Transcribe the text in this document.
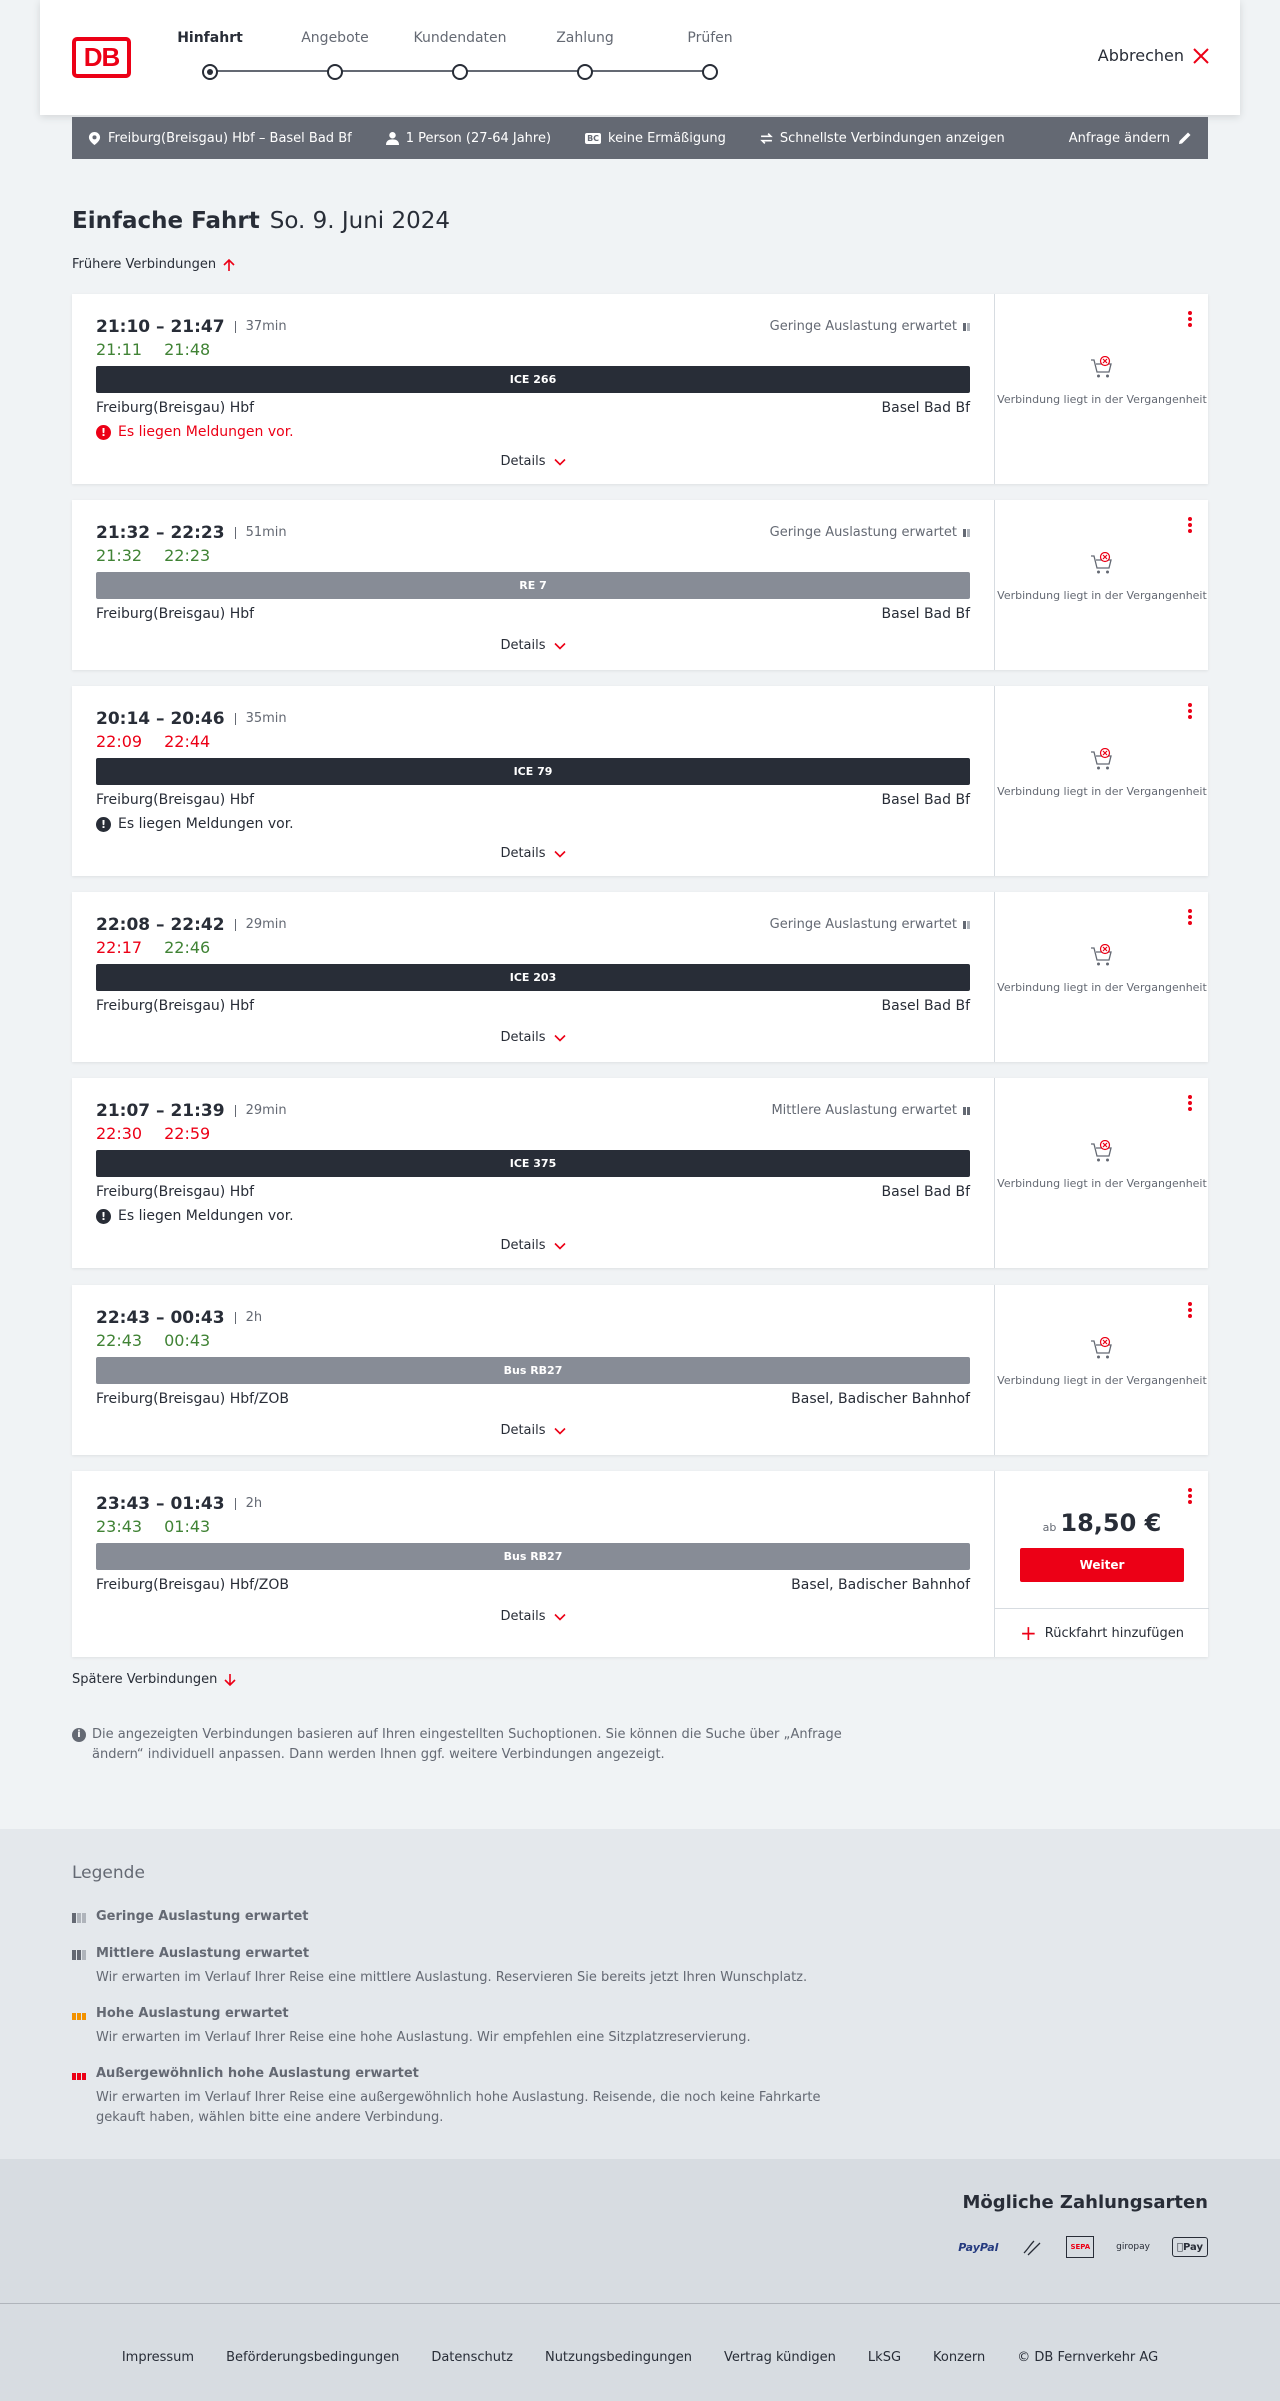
DB
Hinfahrt	Angebote	Kundendaten	Zahlung	Prüfen
Abbrechen
Freiburg(Breisgau) Hbf – Basel Bad Bf	1 Person (27-64 Jahre)	BC keine Ermäßigung	Schnellste Verbindungen anzeigen	Anfrage ändern
Einfache Fahrt So. 9. Juni 2024
Frühere Verbindungen
21:10 – 21:47	37min
21:11 21:48
Geringe Auslastung erwartet
ICE 266
Freiburg(Breisgau) Hbf	Basel Bad Bf
! Es liegen Meldungen vor.
Details
Verbindung liegt in der Vergangenheit
21:32 – 22:23	51min
21:32 22:23
Geringe Auslastung erwartet
RE 7
Freiburg(Breisgau) Hbf	Basel Bad Bf
Details
Verbindung liegt in der Vergangenheit
20:14 – 20:46	35min
22:09 22:44
ICE 79
Freiburg(Breisgau) Hbf	Basel Bad Bf
! Es liegen Meldungen vor.
Details
Verbindung liegt in der Vergangenheit
22:08 – 22:42	29min
22:17 22:46
Geringe Auslastung erwartet
ICE 203
Freiburg(Breisgau) Hbf	Basel Bad Bf
Details
Verbindung liegt in der Vergangenheit
21:07 – 21:39	29min
22:30 22:59
Mittlere Auslastung erwartet
ICE 375
Freiburg(Breisgau) Hbf	Basel Bad Bf
! Es liegen Meldungen vor.
Details
Verbindung liegt in der Vergangenheit
22:43 – 00:43	2h
22:43 00:43
Bus RB27
Freiburg(Breisgau) Hbf/ZOB	Basel, Badischer Bahnhof
Details
Verbindung liegt in der Vergangenheit
23:43 – 01:43	2h
23:43 01:43
Bus RB27
Freiburg(Breisgau) Hbf/ZOB	Basel, Badischer Bahnhof
Details
ab 18,50 €
Weiter
+ Rückfahrt hinzufügen
Spätere Verbindungen
i Die angezeigten Verbindungen basieren auf Ihren eingestellten Suchoptionen. Sie können die Suche über „Anfrage ändern“ individuell anpassen. Dann werden Ihnen ggf. weitere Verbindungen angezeigt.
Legende
Geringe Auslastung erwartet
Mittlere Auslastung erwartet
Wir erwarten im Verlauf Ihrer Reise eine mittlere Auslastung. Reservieren Sie bereits jetzt Ihren Wunschplatz.
Hohe Auslastung erwartet
Wir erwarten im Verlauf Ihrer Reise eine hohe Auslastung. Wir empfehlen eine Sitzplatzreservierung.
Außergewöhnlich hohe Auslastung erwartet
Wir erwarten im Verlauf Ihrer Reise eine außergewöhnlich hohe Auslastung. Reisende, die noch keine Fahrkarte gekauft haben, wählen bitte eine andere Verbindung.
Mögliche Zahlungsarten
PayPal	SEPA	giropay	Pay
Impressum Beförderungsbedingungen Datenschutz Nutzungsbedingungen Vertrag kündigen LkSG Konzern © DB Fernverkehr AG
